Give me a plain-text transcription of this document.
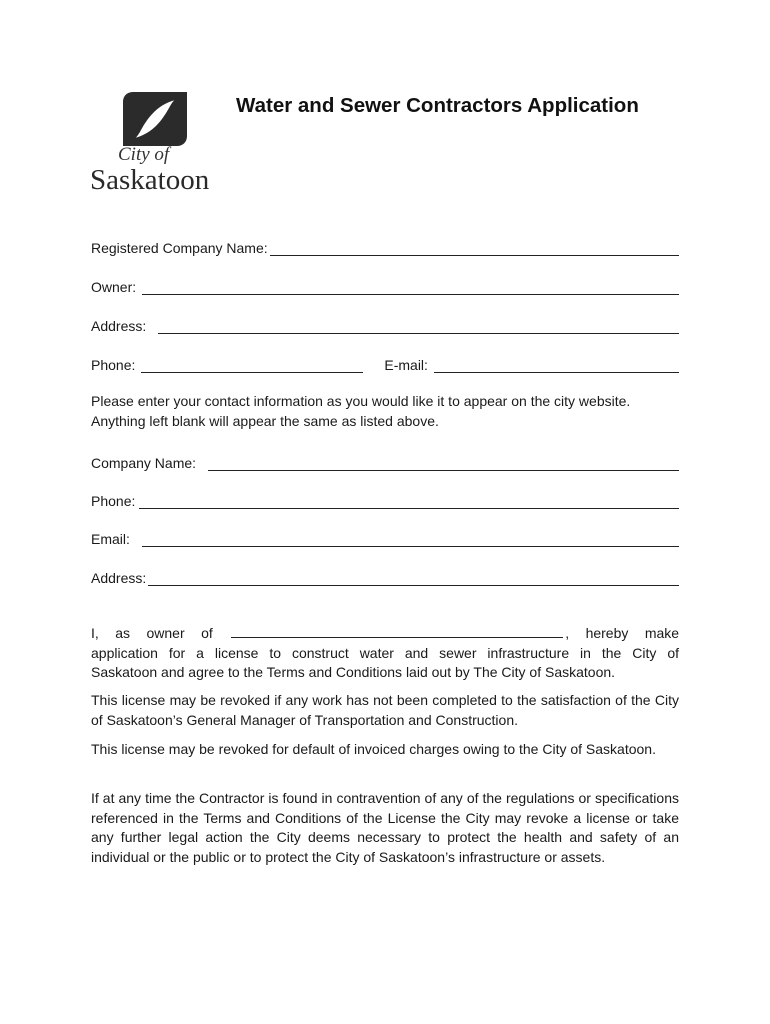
City of
Saskatoon
Water and Sewer Contractors Application
Registered Company Name:
Owner:
Address:
Phone:	E-mail:
Please enter your contact information as you would like it to appear on the city website.
Anything left blank will appear the same as listed above.
Company Name:
Phone:
Email:
Address:
I, as owner of	, hereby make
application for a license to construct water and sewer infrastructure in the City of
Saskatoon and agree to the Terms and Conditions laid out by The City of Saskatoon.
This license may be revoked if any work has not been completed to the satisfaction of the City of Saskatoon’s General Manager of Transportation and Construction.
This license may be revoked for default of invoiced charges owing to the City of Saskatoon.
If at any time the Contractor is found in contravention of any of the regulations or specifications referenced in the Terms and Conditions of the License the City may revoke a license or take any further legal action the City deems necessary to protect the health and safety of an individual or the public or to protect the City of Saskatoon’s infrastructure or assets.
